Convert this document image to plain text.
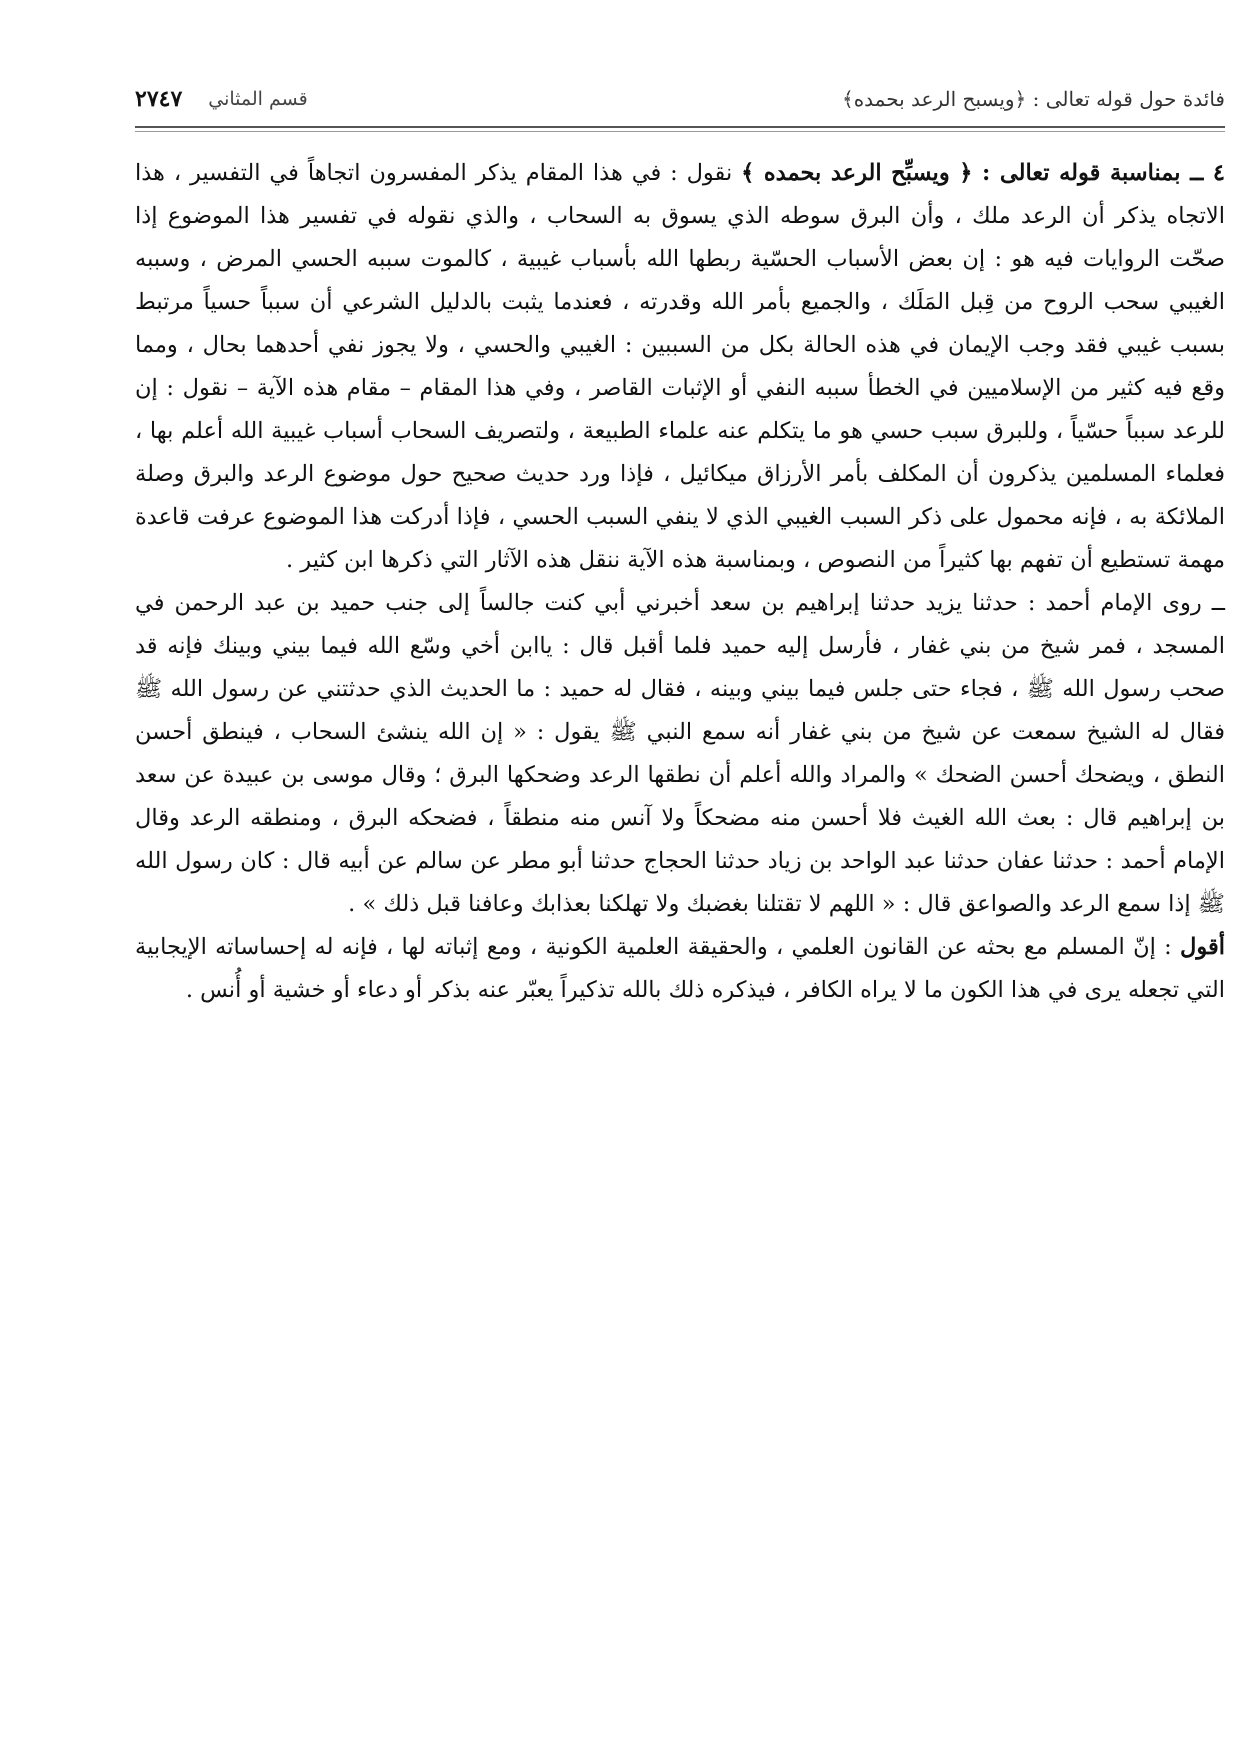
فائدة حول قوله تعالى : ﴿ويسبح الرعد بحمده﴾
قسم المثاني
٢٧٤٧

٤ ــ بمناسبة قوله تعالى : ﴿ ويسبِّح الرعد بحمده ﴾ نقول : في هذا المقام يذكر المفسرون اتجاهاً في التفسير ، هذا الاتجاه يذكر أن الرعد ملك ، وأن البرق سوطه الذي يسوق به السحاب ، والذي نقوله في تفسير هذا الموضوع إذا صحّت الروايات فيه هو : إن بعض الأسباب الحسّية ربطها الله بأسباب غيبية ، كالموت سببه الحسي المرض ، وسببه الغيبي سحب الروح من قِبل المَلَك ، والجميع بأمر الله وقدرته ، فعندما يثبت بالدليل الشرعي أن سبباً حسياً مرتبط بسبب غيبي فقد وجب الإيمان في هذه الحالة بكل من السببين : الغيبي والحسي ، ولا يجوز نفي أحدهما بحال ، ومما وقع فيه كثير من الإسلاميين في الخطأ سببه النفي أو الإثبات القاصر ، وفي هذا المقام – مقام هذه الآية – نقول : إن للرعد سبباً حسّياً ، وللبرق سبب حسي هو ما يتكلم عنه علماء الطبيعة ، ولتصريف السحاب أسباب غيبية الله أعلم بها ، فعلماء المسلمين يذكرون أن المكلف بأمر الأرزاق ميكائيل ، فإذا ورد حديث صحيح حول موضوع الرعد والبرق وصلة الملائكة به ، فإنه محمول على ذكر السبب الغيبي الذي لا ينفي السبب الحسي ، فإذا أدركت هذا الموضوع عرفت قاعدة مهمة تستطيع أن تفهم بها كثيراً من النصوص ، وبمناسبة هذه الآية ننقل هذه الآثار التي ذكرها ابن كثير .

ــ روى الإمام أحمد : حدثنا يزيد حدثنا إبراهيم بن سعد أخبرني أبي كنت جالساً إلى جنب حميد بن عبد الرحمن في المسجد ، فمر شيخ من بني غفار ، فأرسل إليه حميد فلما أقبل قال : ياابن أخي وسّع الله فيما بيني وبينك فإنه قد صحب رسول الله ﷺ ، فجاء حتى جلس فيما بيني وبينه ، فقال له حميد : ما الحديث الذي حدثتني عن رسول الله ﷺ فقال له الشيخ سمعت عن شيخ من بني غفار أنه سمع النبي ﷺ يقول : « إن الله ينشئ السحاب ، فينطق أحسن النطق ، ويضحك أحسن الضحك » والمراد والله أعلم أن نطقها الرعد وضحكها البرق ؛ وقال موسى بن عبيدة عن سعد بن إبراهيم قال : بعث الله الغيث فلا أحسن منه مضحكاً ولا آنس منه منطقاً ، فضحكه البرق ، ومنطقه الرعد وقال الإمام أحمد : حدثنا عفان حدثنا عبد الواحد بن زياد حدثنا الحجاج حدثنا أبو مطر عن سالم عن أبيه قال : كان رسول الله ﷺ إذا سمع الرعد والصواعق قال : « اللهم لا تقتلنا بغضبك ولا تهلكنا بعذابك وعافنا قبل ذلك » .

أقول : إنّ المسلم مع بحثه عن القانون العلمي ، والحقيقة العلمية الكونية ، ومع إثباته لها ، فإنه له إحساساته الإيجابية التي تجعله يرى في هذا الكون ما لا يراه الكافر ، فيذكره ذلك بالله تذكيراً يعبّر عنه بذكر أو دعاء أو خشية أو أُنس .
